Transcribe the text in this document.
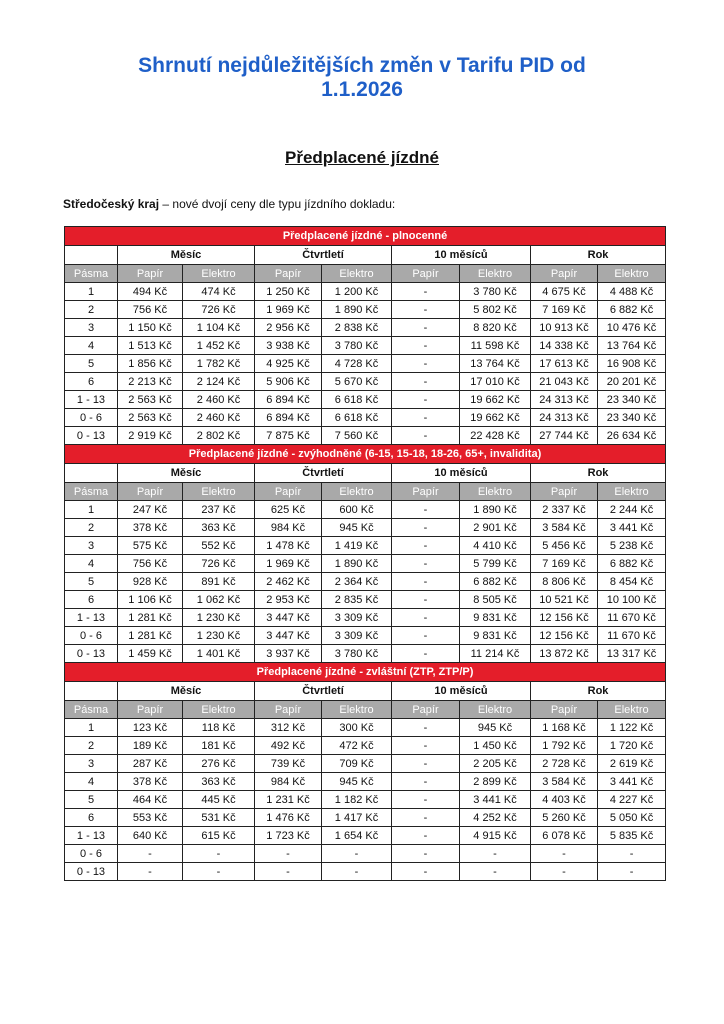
Shrnutí nejdůležitějších změn v Tarifu PID od
1.1.2026
Předplacené jízdné
Středočeský kraj – nové dvojí ceny dle typu jízdního dokladu:
Předplacené jízdné - plnocenné								
	Měsíc		Čtvrtletí		10 měsíců		Rok	
Pásma	Papír	Elektro	Papír	Elektro	Papír	Elektro	Papír	Elektro
1	494 Kč	474 Kč	1 250 Kč	1 200 Kč	-	3 780 Kč	4 675 Kč	4 488 Kč
2	756 Kč	726 Kč	1 969 Kč	1 890 Kč	-	5 802 Kč	7 169 Kč	6 882 Kč
3	1 150 Kč	1 104 Kč	2 956 Kč	2 838 Kč	-	8 820 Kč	10 913 Kč	10 476 Kč
4	1 513 Kč	1 452 Kč	3 938 Kč	3 780 Kč	-	11 598 Kč	14 338 Kč	13 764 Kč
5	1 856 Kč	1 782 Kč	4 925 Kč	4 728 Kč	-	13 764 Kč	17 613 Kč	16 908 Kč
6	2 213 Kč	2 124 Kč	5 906 Kč	5 670 Kč	-	17 010 Kč	21 043 Kč	20 201 Kč
1 - 13	2 563 Kč	2 460 Kč	6 894 Kč	6 618 Kč	-	19 662 Kč	24 313 Kč	23 340 Kč
0 - 6	2 563 Kč	2 460 Kč	6 894 Kč	6 618 Kč	-	19 662 Kč	24 313 Kč	23 340 Kč
0 - 13	2 919 Kč	2 802 Kč	7 875 Kč	7 560 Kč	-	22 428 Kč	27 744 Kč	26 634 Kč
Předplacené jízdné - zvýhodněné (6-15, 15-18, 18-26, 65+, invalidita)								
	Měsíc		Čtvrtletí		10 měsíců		Rok	
Pásma	Papír	Elektro	Papír	Elektro	Papír	Elektro	Papír	Elektro
1	247 Kč	237 Kč	625 Kč	600 Kč	-	1 890 Kč	2 337 Kč	2 244 Kč
2	378 Kč	363 Kč	984 Kč	945 Kč	-	2 901 Kč	3 584 Kč	3 441 Kč
3	575 Kč	552 Kč	1 478 Kč	1 419 Kč	-	4 410 Kč	5 456 Kč	5 238 Kč
4	756 Kč	726 Kč	1 969 Kč	1 890 Kč	-	5 799 Kč	7 169 Kč	6 882 Kč
5	928 Kč	891 Kč	2 462 Kč	2 364 Kč	-	6 882 Kč	8 806 Kč	8 454 Kč
6	1 106 Kč	1 062 Kč	2 953 Kč	2 835 Kč	-	8 505 Kč	10 521 Kč	10 100 Kč
1 - 13	1 281 Kč	1 230 Kč	3 447 Kč	3 309 Kč	-	9 831 Kč	12 156 Kč	11 670 Kč
0 - 6	1 281 Kč	1 230 Kč	3 447 Kč	3 309 Kč	-	9 831 Kč	12 156 Kč	11 670 Kč
0 - 13	1 459 Kč	1 401 Kč	3 937 Kč	3 780 Kč	-	11 214 Kč	13 872 Kč	13 317 Kč
Předplacené jízdné - zvláštní (ZTP, ZTP/P)								
	Měsíc		Čtvrtletí		10 měsíců		Rok	
Pásma	Papír	Elektro	Papír	Elektro	Papír	Elektro	Papír	Elektro
1	123 Kč	118 Kč	312 Kč	300 Kč	-	945 Kč	1 168 Kč	1 122 Kč
2	189 Kč	181 Kč	492 Kč	472 Kč	-	1 450 Kč	1 792 Kč	1 720 Kč
3	287 Kč	276 Kč	739 Kč	709 Kč	-	2 205 Kč	2 728 Kč	2 619 Kč
4	378 Kč	363 Kč	984 Kč	945 Kč	-	2 899 Kč	3 584 Kč	3 441 Kč
5	464 Kč	445 Kč	1 231 Kč	1 182 Kč	-	3 441 Kč	4 403 Kč	4 227 Kč
6	553 Kč	531 Kč	1 476 Kč	1 417 Kč	-	4 252 Kč	5 260 Kč	5 050 Kč
1 - 13	640 Kč	615 Kč	1 723 Kč	1 654 Kč	-	4 915 Kč	6 078 Kč	5 835 Kč
0 - 6	-	-	-	-	-	-	-	-
0 - 13	-	-	-	-	-	-	-	-
